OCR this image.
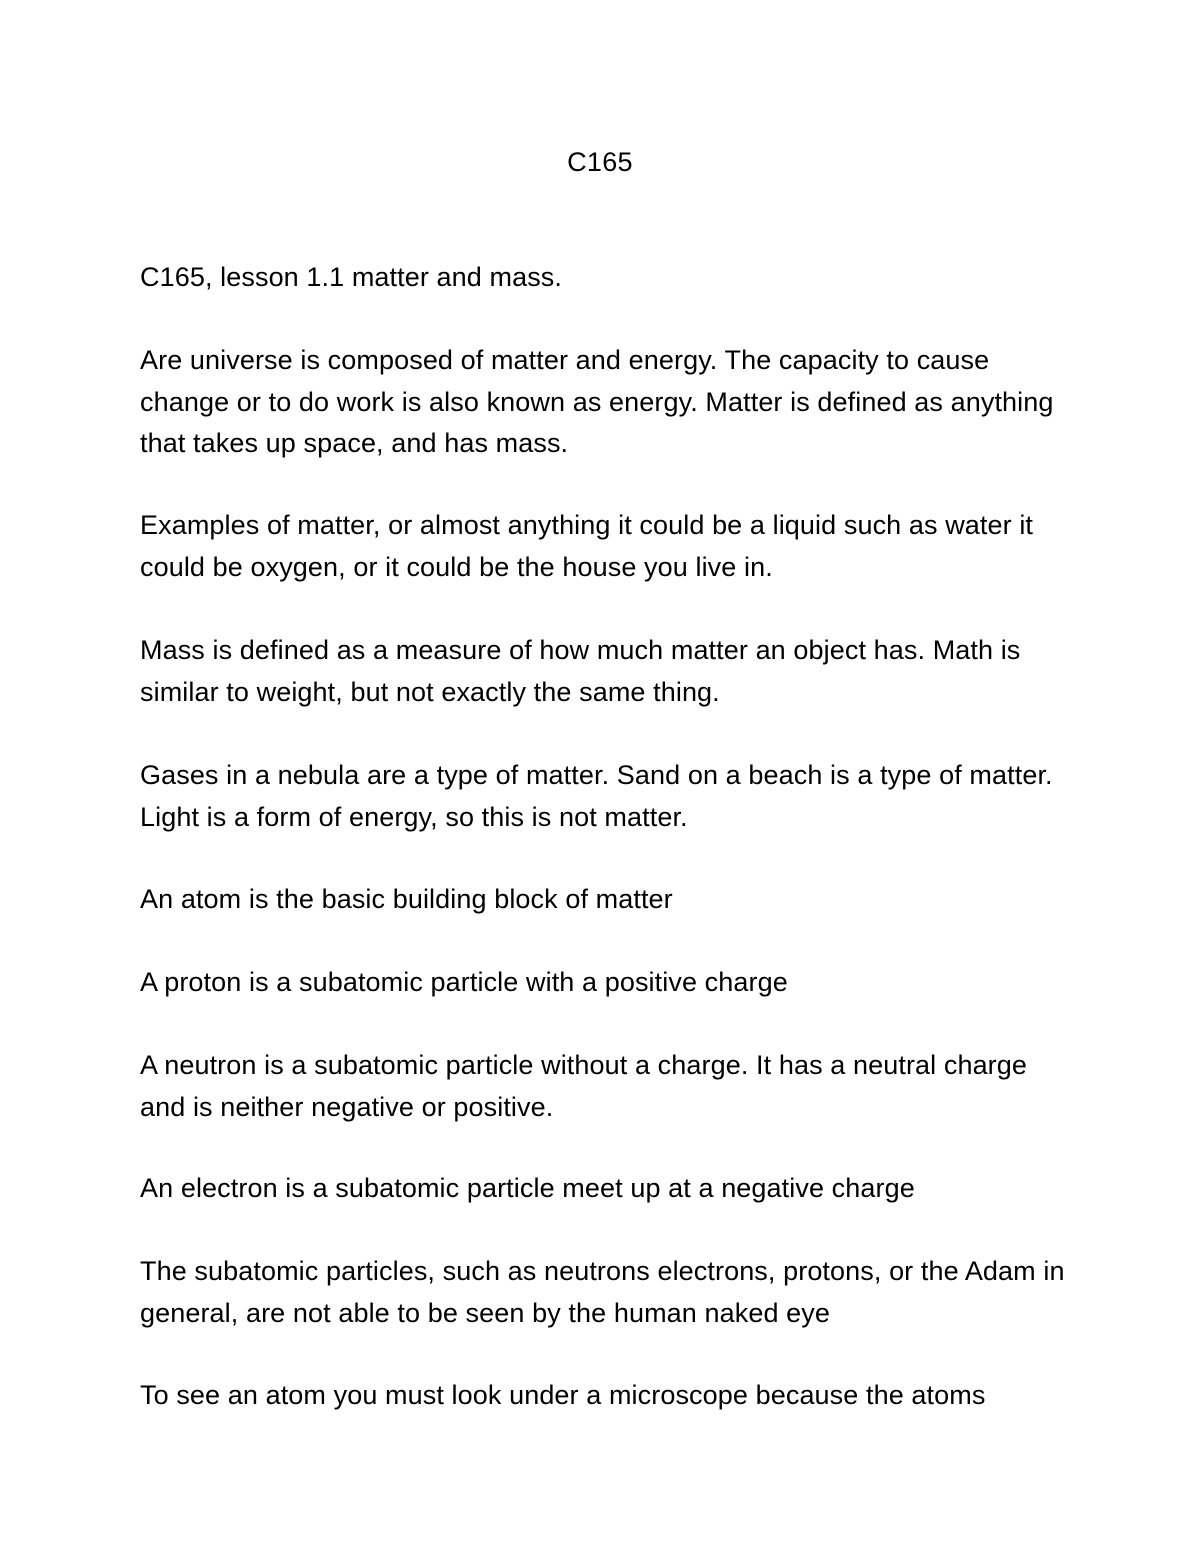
C165

C165, lesson 1.1 matter and mass.

Are universe is composed of matter and energy. The capacity to cause change or to do work is also known as energy. Matter is defined as anything that takes up space, and has mass.

Examples of matter, or almost anything it could be a liquid such as water it could be oxygen, or it could be the house you live in.

Mass is defined as a measure of how much matter an object has. Math is similar to weight, but not exactly the same thing.

Gases in a nebula are a type of matter. Sand on a beach is a type of matter. Light is a form of energy, so this is not matter.

An atom is the basic building block of matter

A proton is a subatomic particle with a positive charge

A neutron is a subatomic particle without a charge. It has a neutral charge and is neither negative or positive.

An electron is a subatomic particle meet up at a negative charge

The subatomic particles, such as neutrons electrons, protons, or the Adam in general, are not able to be seen by the human naked eye

To see an atom you must look under a microscope because the atoms
